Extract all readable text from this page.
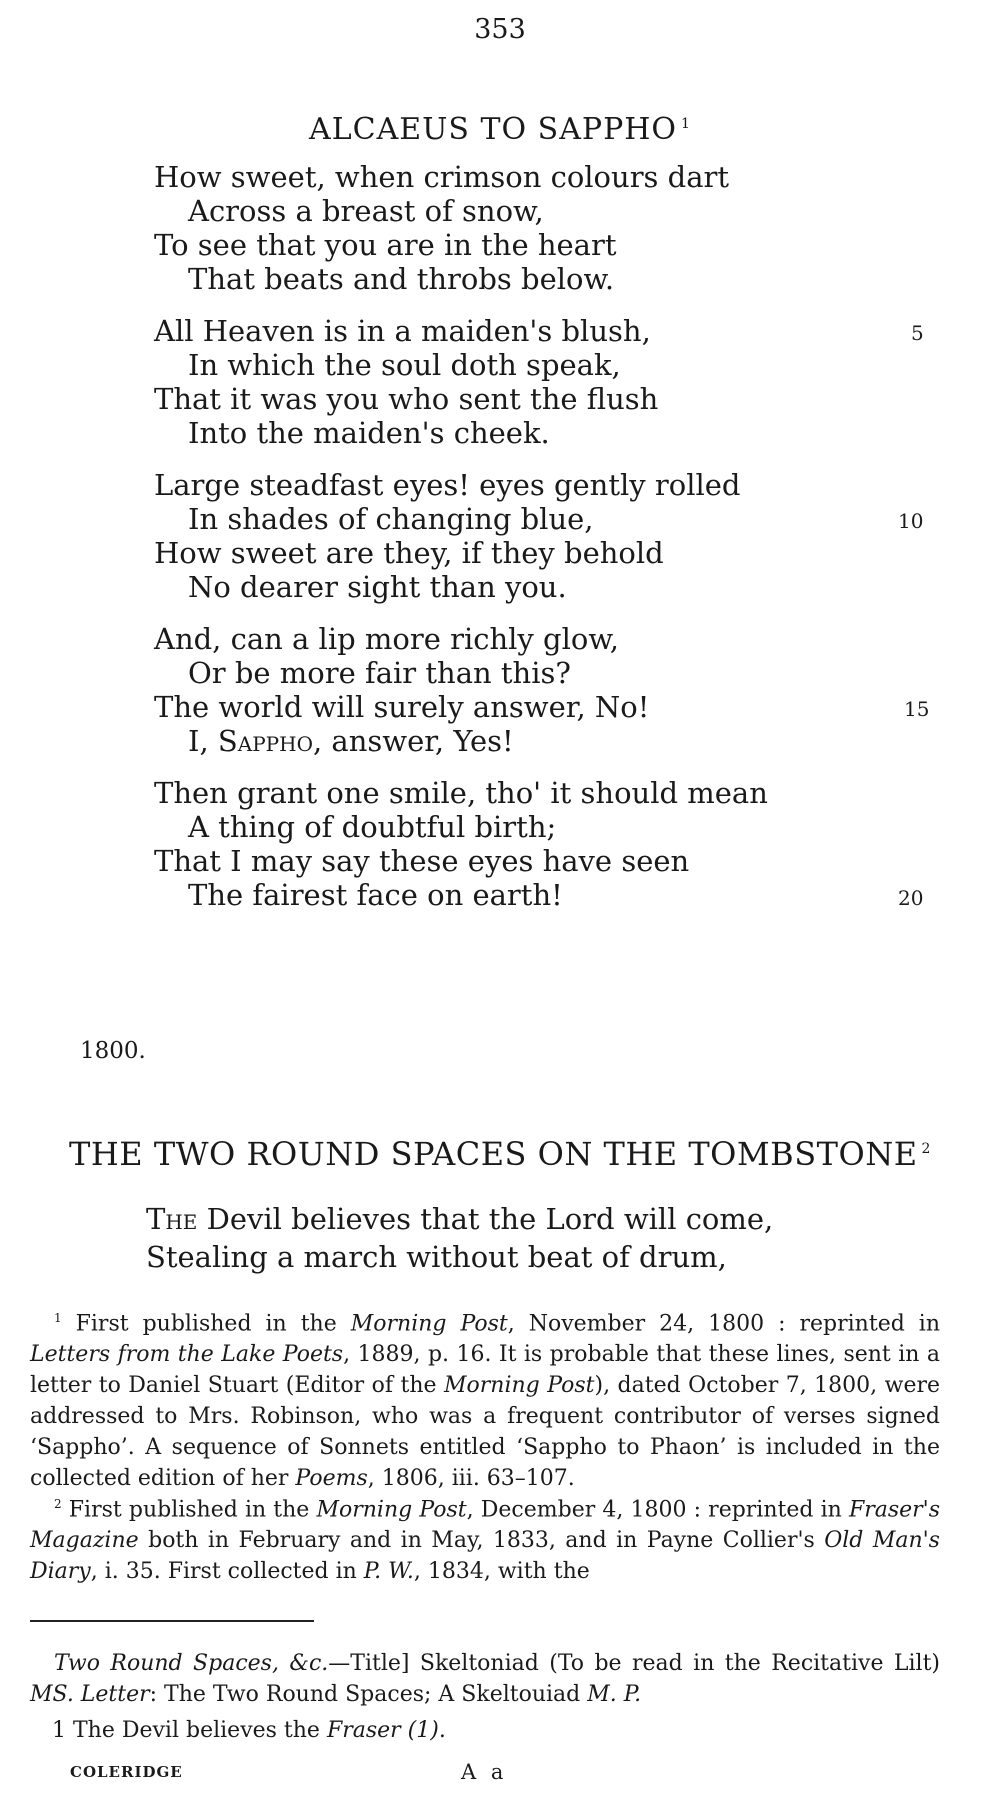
353
ALCAEUS TO SAPPHO $^1$
How sweet, when crimson colours dart
Across a breast of snow,
To see that you are in the heart
That beats and throbs below.
All Heaven is in a maiden's blush,	5
In which the soul doth speak,
That it was you who sent the flush
Into the maiden's cheek.
Large steadfast eyes! eyes gently rolled
In shades of changing blue,	10
How sweet are they, if they behold
No dearer sight than you.
And, can a lip more richly glow,
Or be more fair than this?
The world will surely answer, No!	15
I, Sappho, answer, Yes!
Then grant one smile, tho' it should mean
A thing of doubtful birth;
That I may say these eyes have seen
The fairest face on earth!	20
1800.
THE TWO ROUND SPACES ON THE TOMBSTONE $^2$
The Devil believes that the Lord will come,
Stealing a march without beat of drum,
$^1$ First published in the Morning Post, November 24, 1800 : reprinted in Letters from the Lake Poets, 1889, p. 16. It is probable that these lines, sent in a letter to Daniel Stuart (Editor of the Morning Post), dated October 7, 1800, were addressed to Mrs. Robinson, who was a frequent contributor of verses signed ‘Sappho’. A sequence of Sonnets entitled ‘Sappho to Phaon’ is included in the collected edition of her Poems, 1806, iii. 63–107.
$^2$ First published in the Morning Post, December 4, 1800 : reprinted in Fraser's Magazine both in February and in May, 1833, and in Payne Collier's Old Man's Diary, i. 35. First collected in P. W., 1834, with the
Two Round Spaces, &c.—Title] Skeltoniad (To be read in the Recitative Lilt) MS. Letter: The Two Round Spaces; A Skeltouiad M. P.
1 The Devil believes the Fraser (1).
COLERIDGE	A a
